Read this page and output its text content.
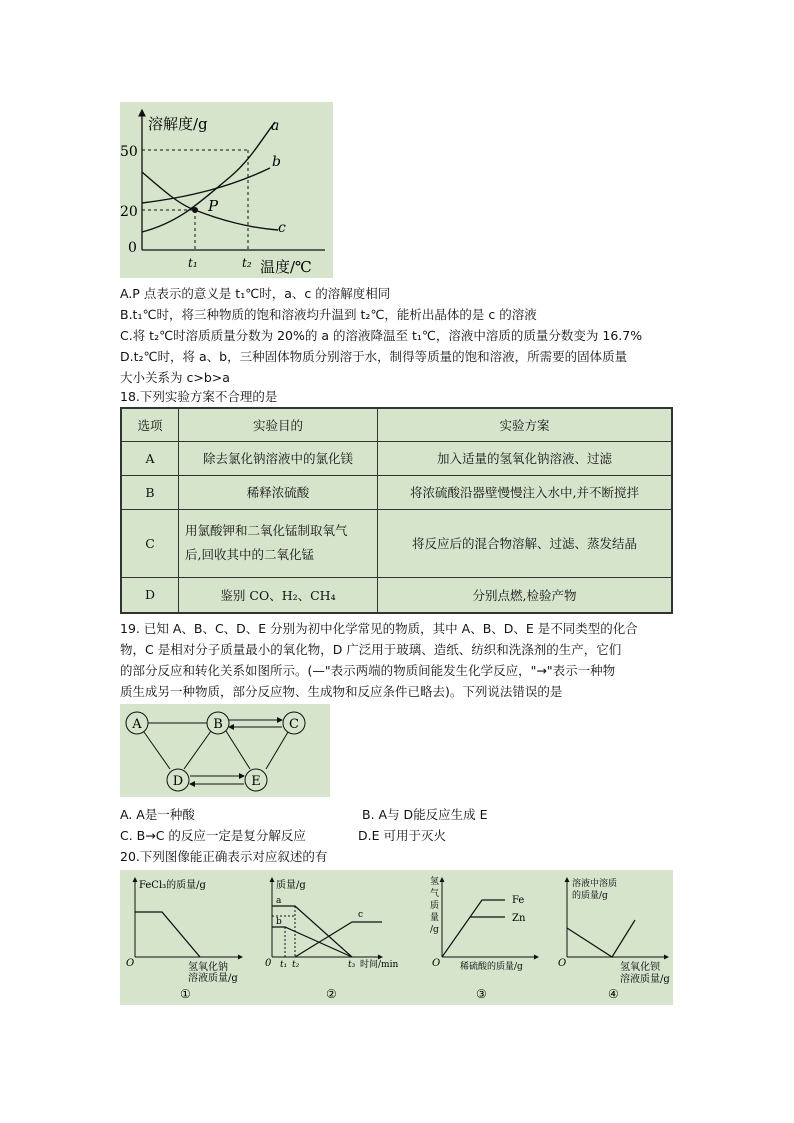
溶解度/g
50
20
0
P
a
b
c
t₁	t₂ 温度/℃
A.P 点表示的意义是 t₁℃时，a、c 的溶解度相同
B.t₁℃时，将三种物质的饱和溶液均升温到 t₂℃，能析出晶体的是 c 的溶液
C.将 t₂℃时溶质质量分数为 20%的 a 的溶液降温至 t₁℃，溶液中溶质的质量分数变为 16.7%
D.t₂℃时，将 a、b，三种固体物质分别溶于水，制得等质量的饱和溶液，所需要的固体质量
大小关系为 c>b>a
18.下列实验方案不合理的是
选项	实验目的	实验方案
A	除去氯化钠溶液中的氯化镁	加入适量的氢氧化钠溶液、过滤
B	稀释浓硫酸	将浓硫酸沿器壁慢慢注入水中,并不断搅拌
C	用氯酸钾和二氧化锰制取氧气
后,回收其中的二氧化锰	将反应后的混合物溶解、过滤、蒸发结晶
D	鉴别 CO、H₂、CH₄	分别点燃,检验产物
19. 已知 A、B、C、D、E 分别为初中化学常见的物质，其中 A、B、D、E 是不同类型的化合
物，C 是相对分子质量最小的氧化物，D 广泛用于玻璃、造纸、纺织和洗涤剂的生产，它们
的部分反应和转化关系如图所示。(—"表示两端的物质间能发生化学反应，"→"表示一种物
质生成另一种物质，部分反应物、生成物和反应条件已略去)。下列说法错误的是
A	B	C
D	E
A. A是一种酸	B. A与 D能反应生成 E
C. B→C 的反应一定是复分解反应	D.E 可用于灭火
20.下列图像能正确表示对应叙述的有
FeCl₃的质量/g
O	氢氧化钠
溶液质量/g
①
质量/g
a
b
c
0 t₁ t₂	t₃ 时间/min
②
氢
气
质
量
/g
Fe
Zn
O 稀硫酸的质量/g
③
溶液中溶质
的质量/g
O	氢氧化钡
溶液质量/g
④
